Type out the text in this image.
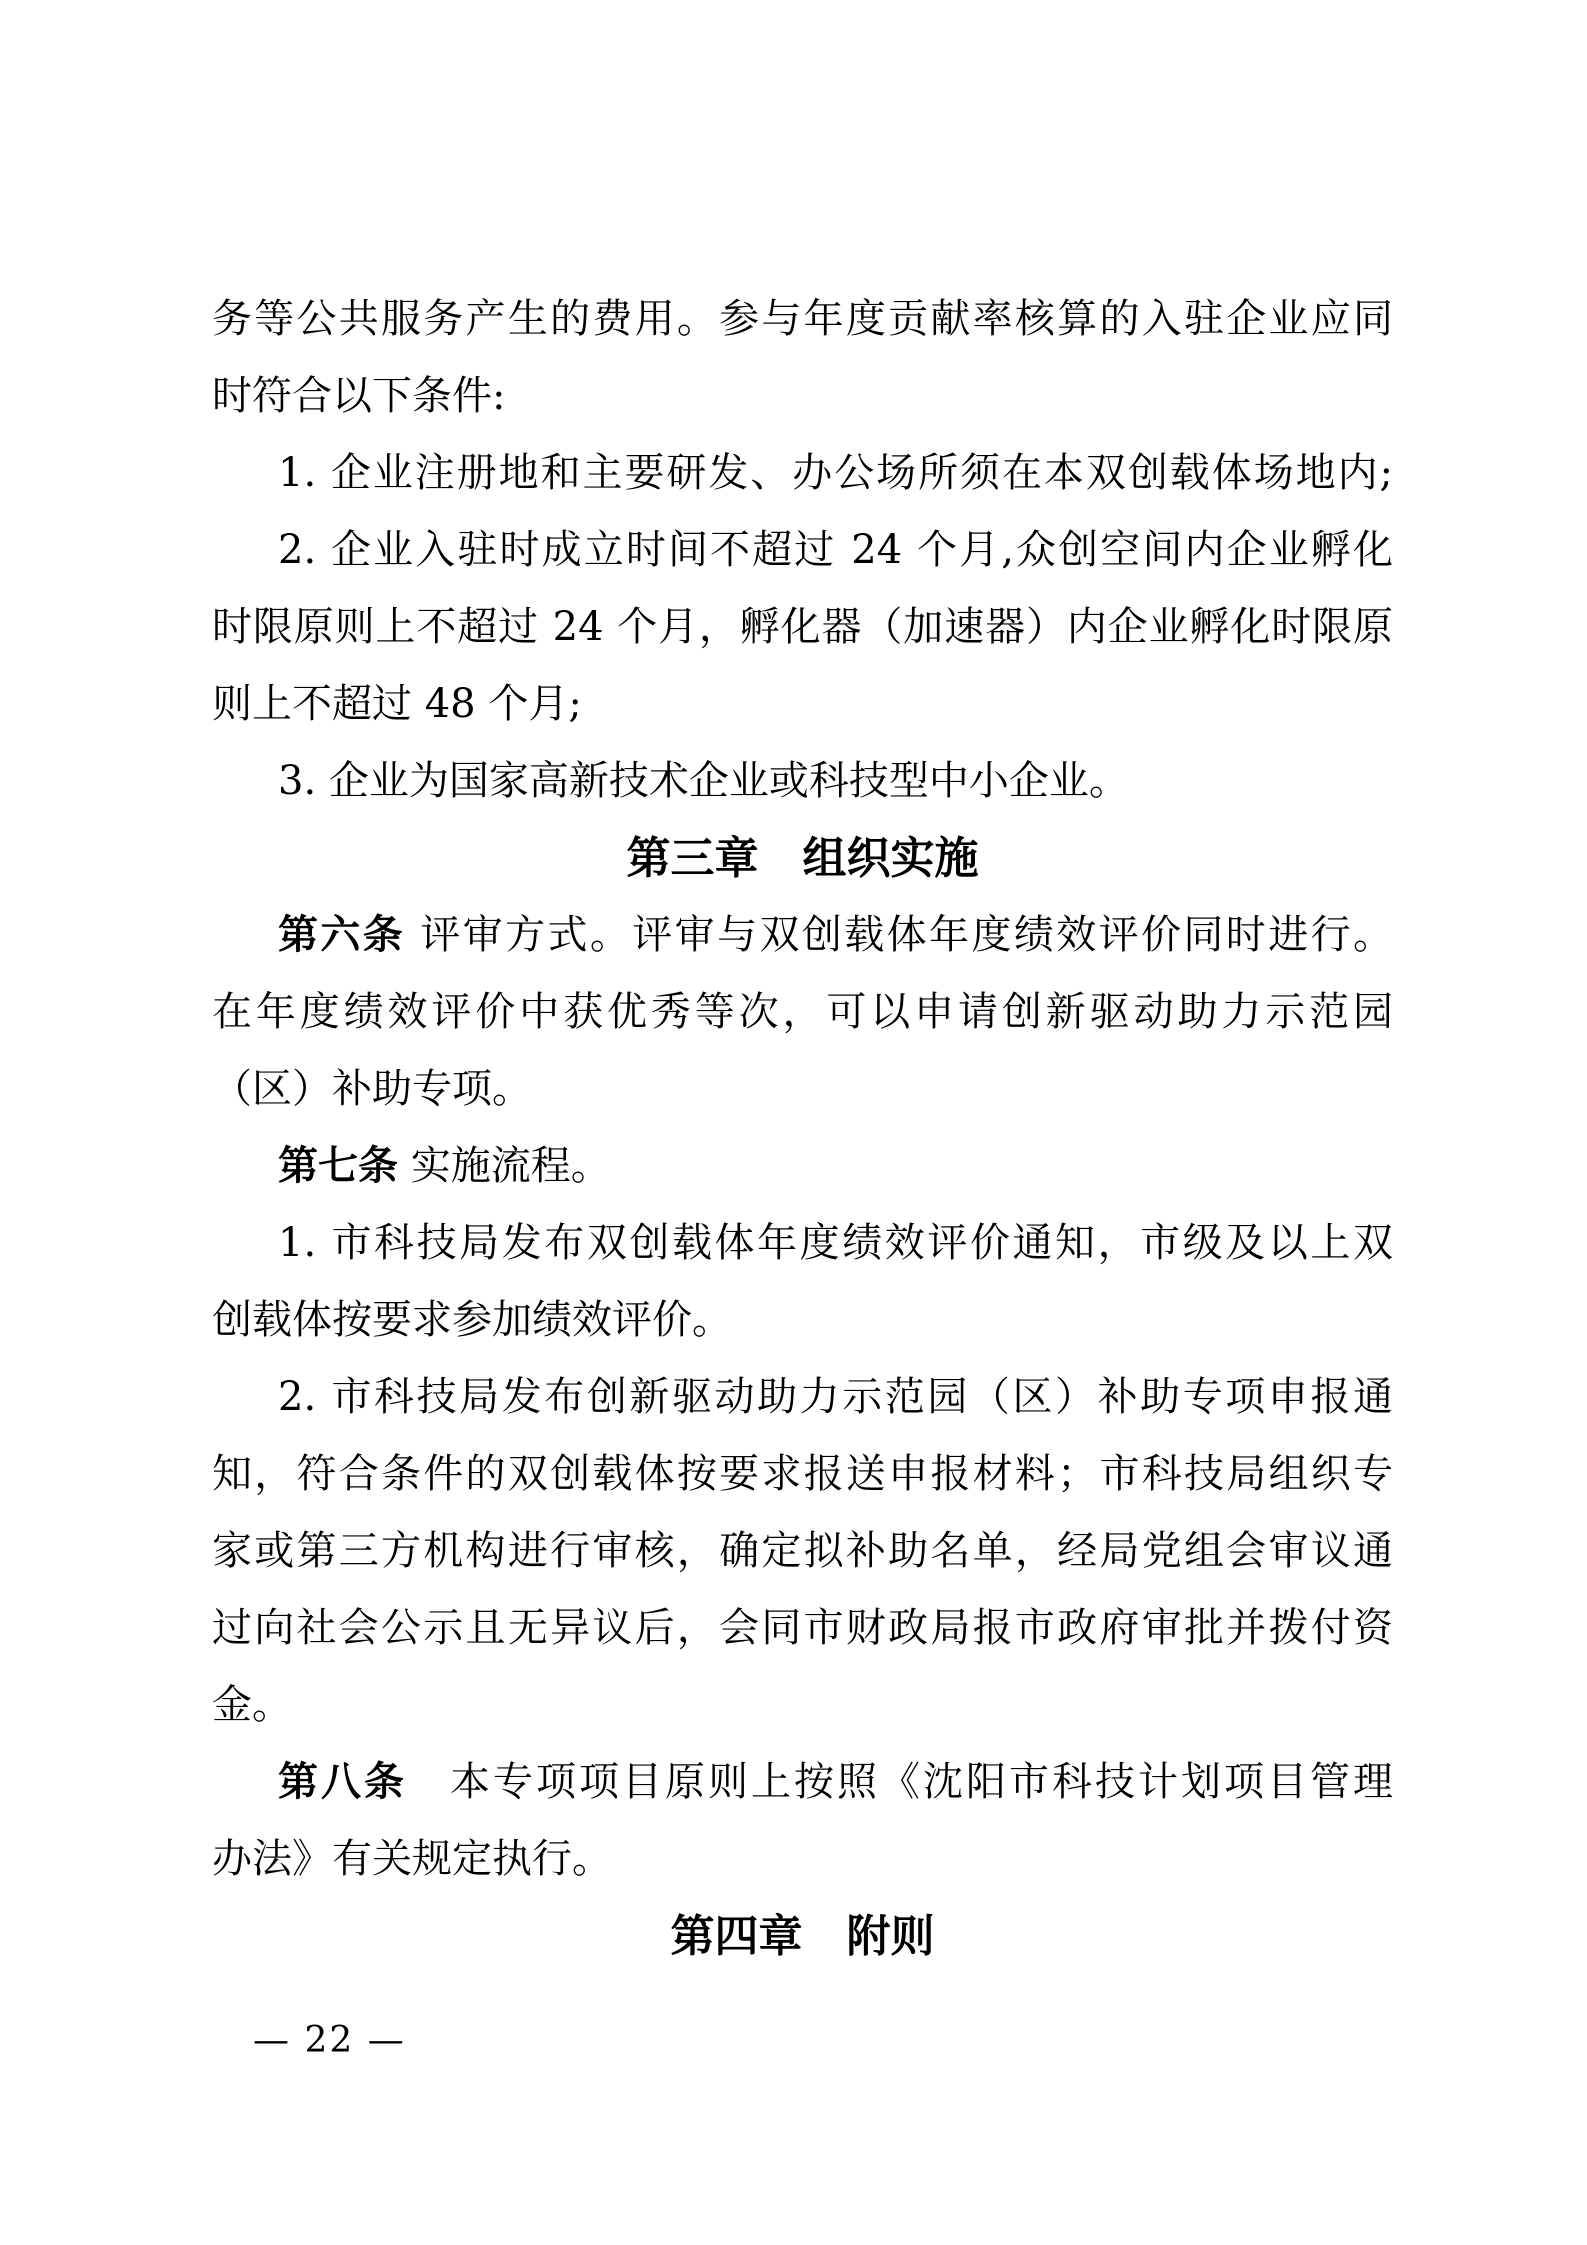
务等公共服务产生的费用。参与年度贡献率核算的入驻企业应同
时符合以下条件:
1. 企业注册地和主要研发、办公场所须在本双创载体场地内;
2. 企业入驻时成立时间不超过 24 个月,众创空间内企业孵化
时限原则上不超过 24 个月，孵化器（加速器）内企业孵化时限原
则上不超过 48 个月;
3. 企业为国家高新技术企业或科技型中小企业。
第三章　组织实施
第六条 评审方式。评审与双创载体年度绩效评价同时进行。
在年度绩效评价中获优秀等次，可以申请创新驱动助力示范园
（区）补助专项。
第七条 实施流程。
1. 市科技局发布双创载体年度绩效评价通知，市级及以上双
创载体按要求参加绩效评价。
2. 市科技局发布创新驱动助力示范园（区）补助专项申报通
知，符合条件的双创载体按要求报送申报材料；市科技局组织专
家或第三方机构进行审核，确定拟补助名单，经局党组会审议通
过向社会公示且无异议后，会同市财政局报市政府审批并拨付资
金。
第八条　本专项项目原则上按照《沈阳市科技计划项目管理
办法》有关规定执行。
第四章　附则
— 22 —
